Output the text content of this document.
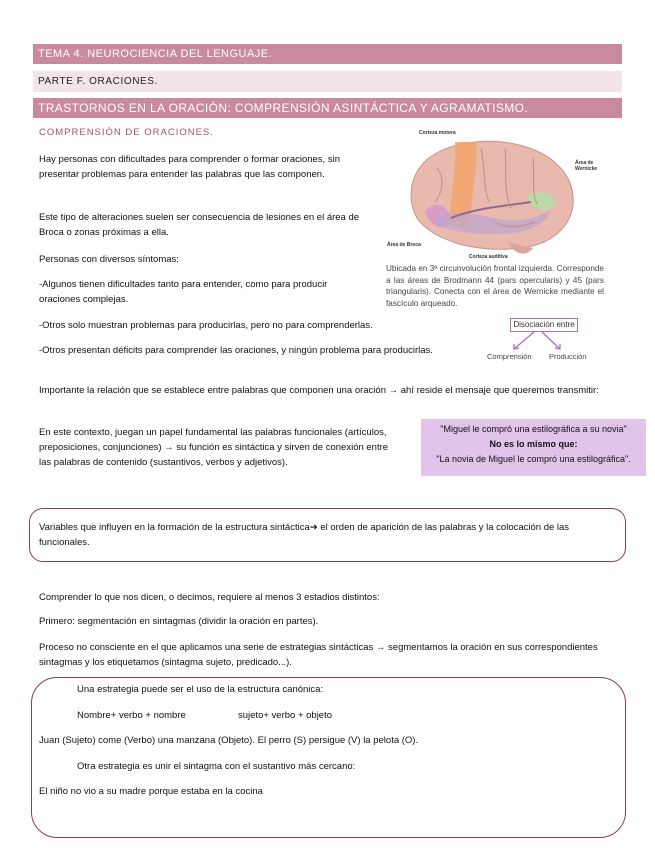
TEMA 4. NEUROCIENCIA DEL LENGUAJE.
PARTE F. ORACIONES.
TRASTORNOS EN LA ORACIÓN: COMPRENSIÓN ASINTÁCTICA Y AGRAMATISMO.
COMPRENSIÓN DE ORACIONES.

Hay personas con dificultades para comprender o formar oraciones, sin presentar problemas para entender las palabras que las componen.

Este tipo de alteraciones suelen ser consecuencia de lesiones en el área de Broca o zonas próximas a ella.

Personas con diversos síntomas:

-Algunos tienen dificultades tanto para entender, como para producir oraciones complejas.

-Otros solo muestran problemas para producirlas, pero no para comprenderlas.

-Otros presentan déficits para comprender las oraciones, y ningún problema para producirlas.

Importante la relación que se establece entre palabras que componen una oración → ahí reside el mensaje que queremos transmitir:

En este contexto, juegan un papel fundamental las palabras funcionales (artículos, preposiciones, conjunciones) → su función es sintáctica y sirven de conexión entre las palabras de contenido (sustantivos, verbos y adjetivos).

Corteza motora
Área de Wernicke
Área de Broca
Corteza auditiva
Ubicada en 3ª circunvolución frontal izquierda. Corresponde a las áreas de Brodmann 44 (pars opercularis) y 45 (pars triangularis). Conecta con el área de Wernicke mediante el fascículo arqueado.
Disociación entre
Comprensión Producción
"Miguel le compró una estilográfica a su novia"
No es lo mismo que:
"La novia de Miguel le compró una estilográfica".

Variables que influyen en la formación de la estructura sintáctica➔ el orden de aparición de las palabras y la colocación de las funcionales.

Comprender lo que nos dicen, o decimos, requiere al menos 3 estadios distintos:

Primero: segmentación en sintagmas (dividir la oración en partes).

Proceso no consciente en el que aplicamos una serie de estrategias sintácticas → segmentamos la oración en sus correspondientes sintagmas y los etiquetamos (sintagma sujeto, predicado...).

Una estrategia puede ser el uso de la estructura canónica:

Nombre+ verbo + nombre	sujeto+ verbo + objeto

Juan (Sujeto) come (Verbo) una manzana (Objeto). El perro (S) persigue (V) la pelota (O).

Otra estrategia es unir el sintagma con el sustantivo más cercano:

El niño no vio a su madre porque estaba en la cocina
